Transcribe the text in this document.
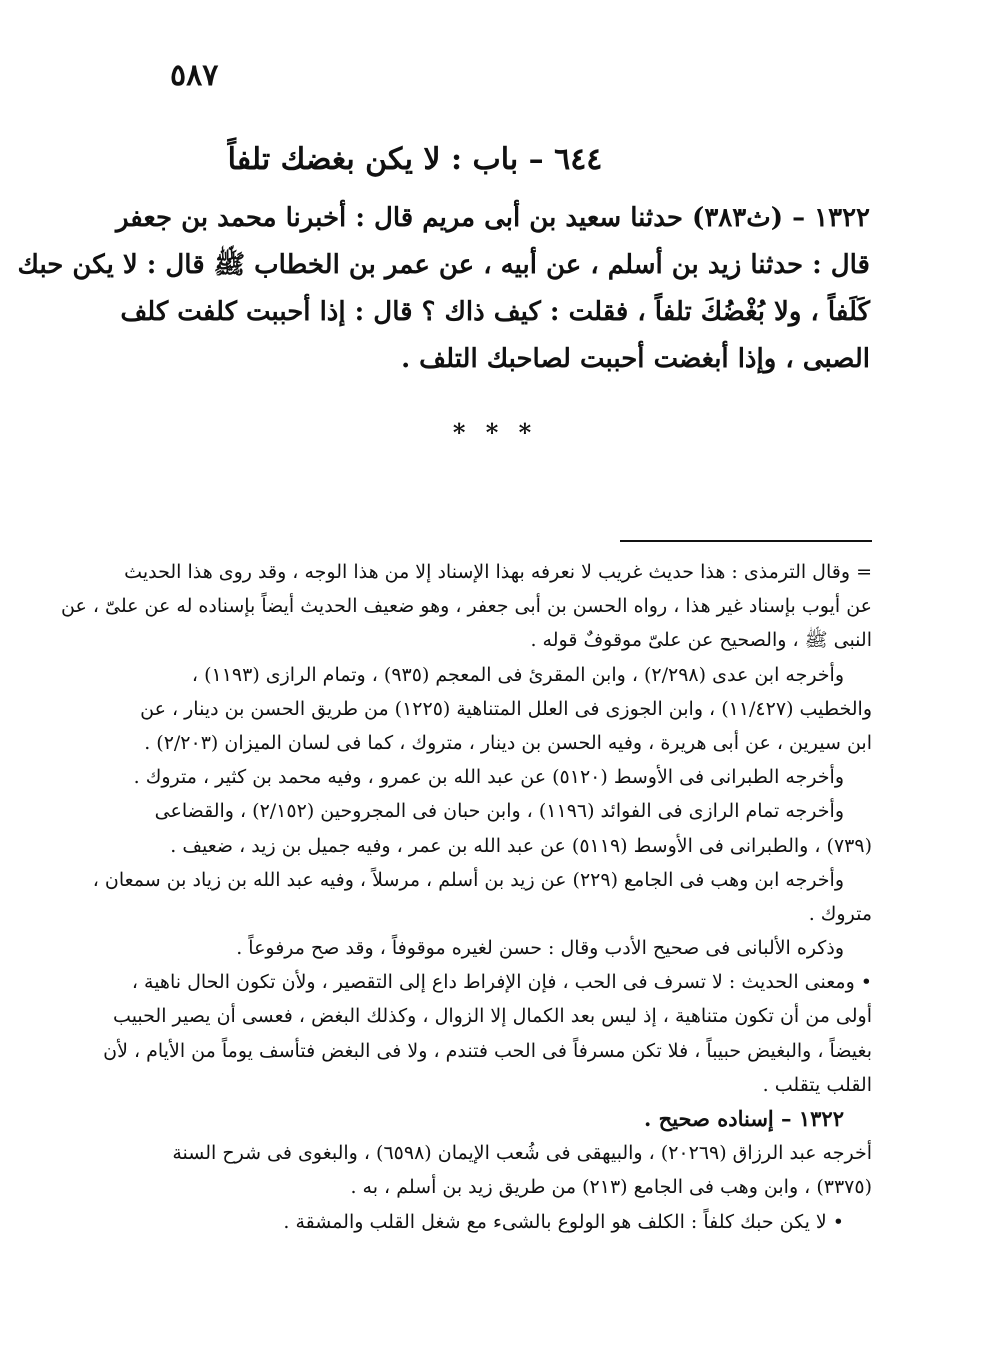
٥٨٧
٦٤٤ – باب : لا يكن بغضك تلفاً

١٣٢٢ – (ث٣٨٣) حدثنا سعيد بن أبى مريم قال : أخبرنا محمد بن جعفر

قال : حدثنا زيد بن أسلم ، عن أبيه ، عن عمر بن الخطاب ﷺ قال : لا يكن حبك

كَلَفاً ، ولا بُغْضُكَ تلفاً ، فقلت : كيف ذاك ؟ قال : إذا أحببت كلفت كلف

الصبى ، وإذا أبغضت أحببت لصاحبك التلف .

* * *
= وقال الترمذى : هذا حديث غريب لا نعرفه بهذا الإسناد إلا من هذا الوجه ، وقد روى هذا الحديث
عن أيوب بإسناد غير هذا ، رواه الحسن بن أبى جعفر ، وهو ضعيف الحديث أيضاً بإسناده له عن علىّ ، عن
النبى ﷺ ، والصحيح عن علىّ موقوفٌ قوله .
وأخرجه ابن عدى (٢/٢٩٨) ، وابن المقرئ فى المعجم (٩٣٥) ، وتمام الرازى (١١٩٣) ،
والخطيب (١١/٤٢٧) ، وابن الجوزى فى العلل المتناهية (١٢٢٥) من طريق الحسن بن دينار ، عن
ابن سيرين ، عن أبى هريرة ، وفيه الحسن بن دينار ، متروك ، كما فى لسان الميزان (٢/٢٠٣) .
وأخرجه الطبرانى فى الأوسط (٥١٢٠) عن عبد الله بن عمرو ، وفيه محمد بن كثير ، متروك .
وأخرجه تمام الرازى فى الفوائد (١١٩٦) ، وابن حبان فى المجروحين (٢/١٥٢) ، والقضاعى
(٧٣٩) ، والطبرانى فى الأوسط (٥١١٩) عن عبد الله بن عمر ، وفيه جميل بن زيد ، ضعيف .
وأخرجه ابن وهب فى الجامع (٢٢٩) عن زيد بن أسلم ، مرسلاً ، وفيه عبد الله بن زياد بن سمعان ،
متروك .
وذكره الألبانى فى صحيح الأدب وقال : حسن لغيره موقوفاً ، وقد صح مرفوعاً .
• ومعنى الحديث : لا تسرف فى الحب ، فإن الإفراط داع إلى التقصير ، ولأن تكون الحال ناهية ،
أولى من أن تكون متناهية ، إذ ليس بعد الكمال إلا الزوال ، وكذلك البغض ، فعسى أن يصير الحبيب
بغيضاً ، والبغيض حبيباً ، فلا تكن مسرفاً فى الحب فتندم ، ولا فى البغض فتأسف يوماً من الأيام ، لأن
القلب يتقلب .
١٣٢٢ – إسناده صحيح .
أخرجه عبد الرزاق (٢٠٢٦٩) ، والبيهقى فى شُعب الإيمان (٦٥٩٨) ، والبغوى فى شرح السنة
(٣٣٧٥) ، وابن وهب فى الجامع (٢١٣) من طريق زيد بن أسلم ، به .
• لا يكن حبك كلفاً : الكلف هو الولوع بالشىء مع شغل القلب والمشقة .
